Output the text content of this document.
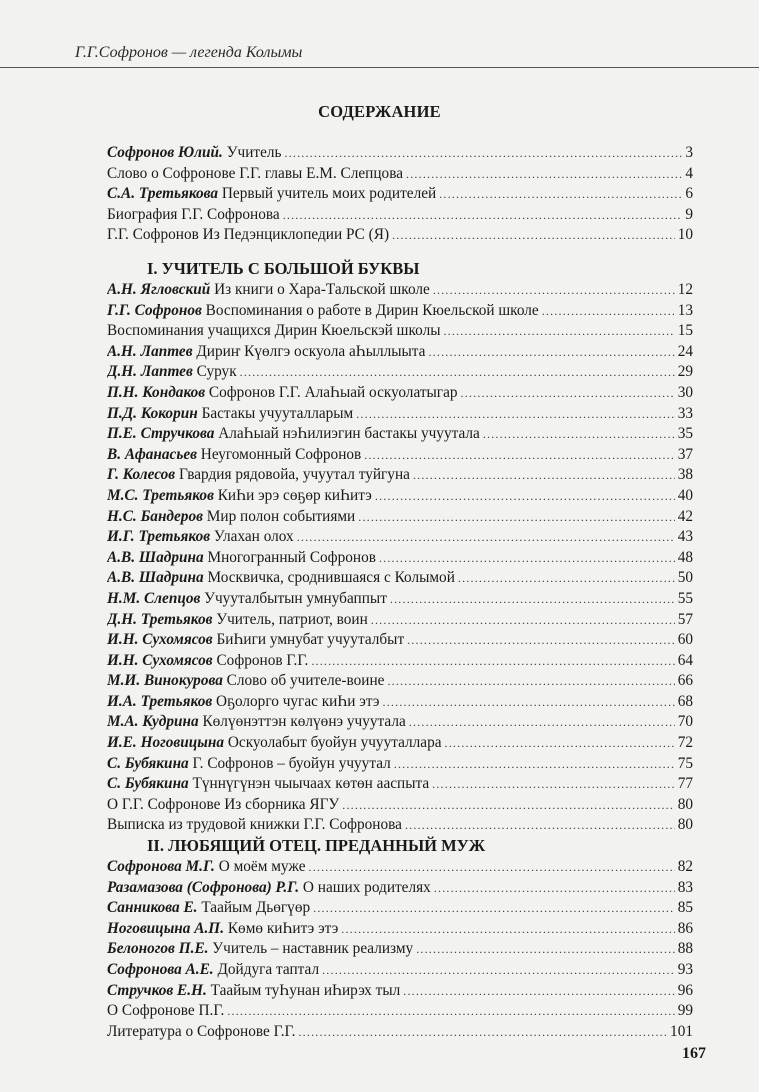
Г.Г.Софронов — легенда Колымы
СОДЕРЖАНИЕ
Софронов Юлий. Учитель .....	3
Слово о Софронове Г.Г. главы Е.М. Слепцова .....	4
С.А. Третьякова Первый учитель моих родителей .....	6
Биография Г.Г. Софронова .....	9
Г.Г. Софронов Из Педэнциклопедии РС (Я) .....	10
I. УЧИТЕЛЬ С БОЛЬШОЙ БУКВЫ
А.Н. Ягловский Из книги о Хара-Тальской школе .....	12
Г.Г. Софронов Воспоминания о работе в Дирин Кюельской школе .....	13
Воспоминания учащихся Дирин Кюельскэй школы .....	15
А.Н. Лаптев Дириҥ Күөлгэ оскуола аҺыллыыта .....	24
Д.Н. Лаптев Сурук .....	29
П.Н. Кондаков Софронов Г.Г. АлаҺыай оскуолатыгар .....	30
П.Д. Кокорин Бастакы учууталларым .....	33
П.Е. Стручкова АлаҺыай нэҺилиэгин бастакы учуутала .....	35
В. Афанасьев Неугомонный Софронов .....	37
Г. Колесов Гвардия рядовойа, учуутал туйгуна .....	38
М.С. Третьяков КиҺи эрэ сөҕөр киҺитэ .....	40
Н.С. Бандеров Мир полон событиями .....	42
И.Г. Третьяков Улахан олох .....	43
А.В. Шадрина Многогранный Софронов .....	48
А.В. Шадрина Москвичка, сроднившаяся с Колымой .....	50
Н.М. Слепцов Учууталбытын умнубаппыт .....	55
Д.Н. Третьяков Учитель, патриот, воин .....	57
И.Н. Сухомясов БиҺиги умнубат учууталбыт .....	60
И.Н. Сухомясов Софронов Г.Г. .....	64
М.И. Винокурова Слово об учителе-воине .....	66
И.А. Третьяков Оҕолорго чугас киҺи этэ .....	68
М.А. Кудрина Көлүөнэттэн көлүөнэ учуутала .....	70
И.Е. Ноговицына Оскуолабыт буойун учууталлара .....	72
С. Бубякина Г. Софронов – буойун учуутал .....	75
С. Бубякина Түннүгүнэн чыычаах көтөн ааспыта .....	77
О Г.Г. Софронове Из сборника ЯГУ .....	80
Выписка из трудовой книжки Г.Г. Софронова .....	80
II. ЛЮБЯЩИЙ ОТЕЦ. ПРЕДАННЫЙ МУЖ
Софронова М.Г. О моём муже .....	82
Разамазова (Софронова) Р.Г. О наших родителях .....	83
Санникова Е. Таайым Дьөгүөр .....	85
Ноговицына А.П. Көмө киҺитэ этэ .....	86
Белоногов П.Е. Учитель – наставник реализму .....	88
Софронова А.Е. Дойдуга таптал .....	93
Стручков Е.Н. Таайым туҺунан иҺирэх тыл .....	96
О Софронове П.Г. .....	99
Литература о Софронове Г.Г. .....	101
167
